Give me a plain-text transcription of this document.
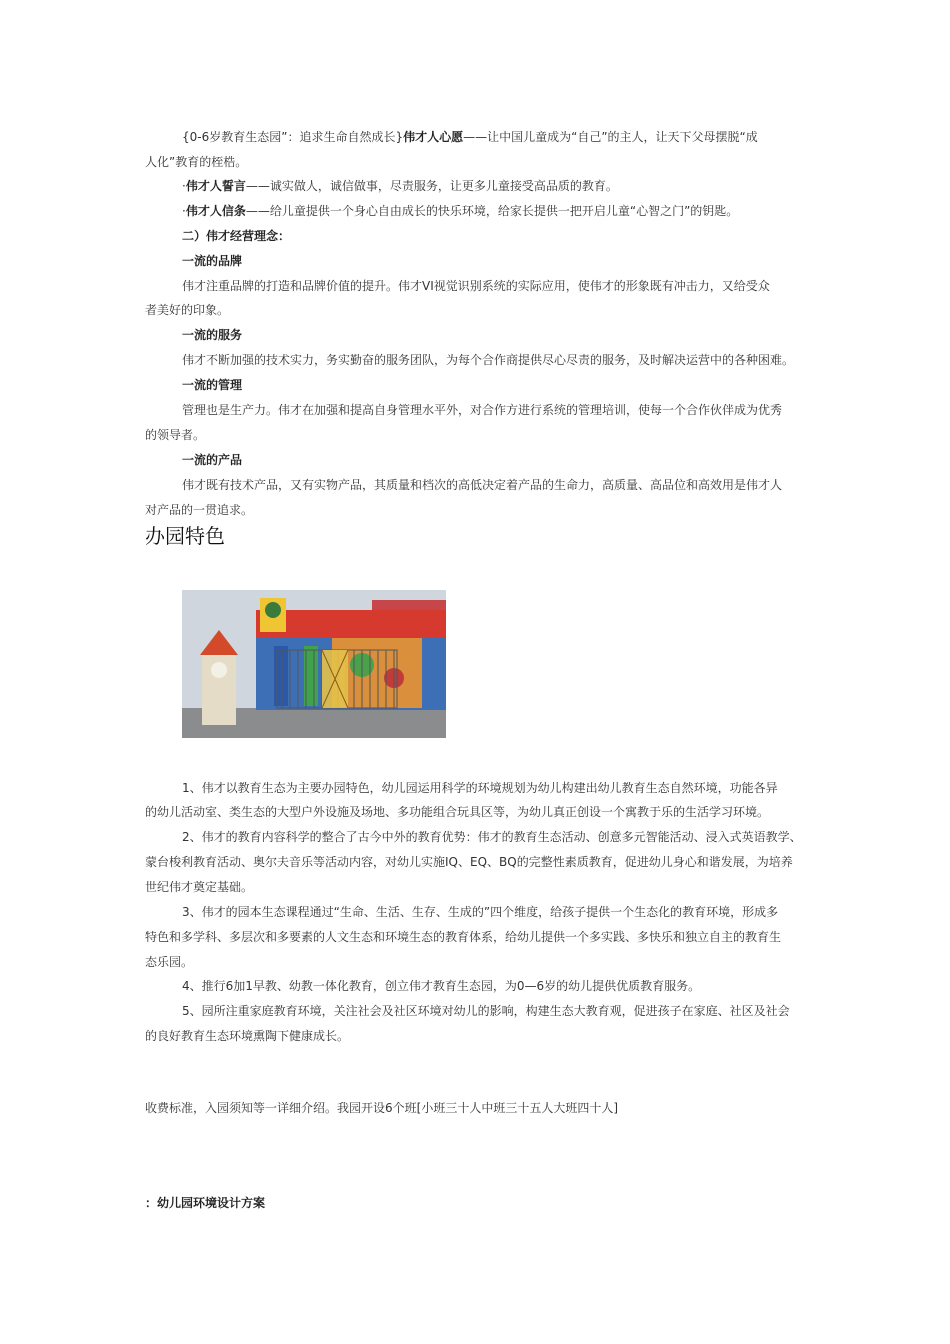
{0-6岁教育生态园”：追求生命自然成长}伟才人心愿——让中国儿童成为“自己”的主人，让天下父母摆脱“成
人化”教育的桎梏。
·伟才人誓言——诚实做人，诚信做事，尽责服务，让更多儿童接受高品质的教育。
·伟才人信条——给儿童提供一个身心自由成长的快乐环境，给家长提供一把开启儿童“心智之门”的钥匙。
二）伟才经营理念：
一流的品牌
伟才注重品牌的打造和品牌价值的提升。伟才VI视觉识别系统的实际应用，使伟才的形象既有冲击力，又给受众
者美好的印象。
一流的服务
伟才不断加强的技术实力，务实勤奋的服务团队，为每个合作商提供尽心尽责的服务，及时解决运营中的各种困难。
一流的管理
管理也是生产力。伟才在加强和提高自身管理水平外，对合作方进行系统的管理培训，使每一个合作伙伴成为优秀
的领导者。
一流的产品
伟才既有技术产品，又有实物产品，其质量和档次的高低决定着产品的生命力，高质量、高品位和高效用是伟才人
对产品的一贯追求。
办园特色
1、伟才以教育生态为主要办园特色，幼儿园运用科学的环境规划为幼儿构建出幼儿教育生态自然环境，功能各异
的幼儿活动室、类生态的大型户外设施及场地、多功能组合玩具区等，为幼儿真正创设一个寓教于乐的生活学习环境。
2、伟才的教育内容科学的整合了古今中外的教育优势：伟才的教育生态活动、创意多元智能活动、浸入式英语教学、
蒙台梭利教育活动、奥尔夫音乐等活动内容，对幼儿实施IQ、EQ、BQ的完整性素质教育，促进幼儿身心和谐发展，为培养
世纪伟才奠定基础。
3、伟才的园本生态课程通过“生命、生活、生存、生成的”四个维度，给孩子提供一个生态化的教育环境，形成多
特色和多学科、多层次和多要素的人文生态和环境生态的教育体系，给幼儿提供一个多实践、多快乐和独立自主的教育生
态乐园。
4、推行6加1早教、幼教一体化教育，创立伟才教育生态园，为0—6岁的幼儿提供优质教育服务。
5、园所注重家庭教育环境，关注社会及社区环境对幼儿的影响，构建生态大教育观，促进孩子在家庭、社区及社会
的良好教育生态环境熏陶下健康成长。
收费标准，入园须知等一详细介绍。我园开设6个班[小班三十人中班三十五人大班四十人]
：幼儿园环境设计方案
